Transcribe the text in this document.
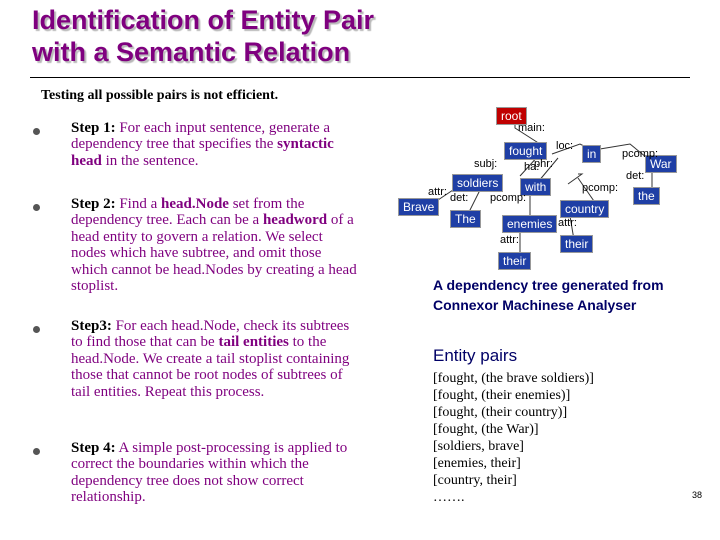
Identification of Entity Pair
with a Semantic Relation
Testing all possible pairs is not efficient.
Step 1: For each input sentence, generate a dependency tree that specifies the syntactic head in the sentence.
Step 2: Find a head.Node set from the dependency tree. Each can be a headword of a head entity to govern a relation. We select nodes which have subtree, and omit those which cannot be head.Nodes by creating a head stoplist.
Step3: For each head.Node, check its subtrees to find those that can be tail entities to the head.Node. We create a tail stoplist containing those that cannot be root nodes of subtrees of tail entities. Repeat this process.
Step 4: A simple post-processing is applied to correct the boundaries within which the dependency tree does not show correct relationship.
root
fought	in
War
the
soldiers	with
Brave
The	enemies
country
their
their
main:
loc:
pcomp:
subj:	phr:
ha:
det:
attr: det: pcomp:
pcomp:
attr:
attr:
A dependency tree generated from
Connexor Machinese Analyser
Entity pairs
[fought, (the brave soldiers)]
[fought, (their enemies)]
[fought, (their country)]
[fought, (the War)]
[soldiers, brave]
[enemies, their]
[country, their]
…….	38
